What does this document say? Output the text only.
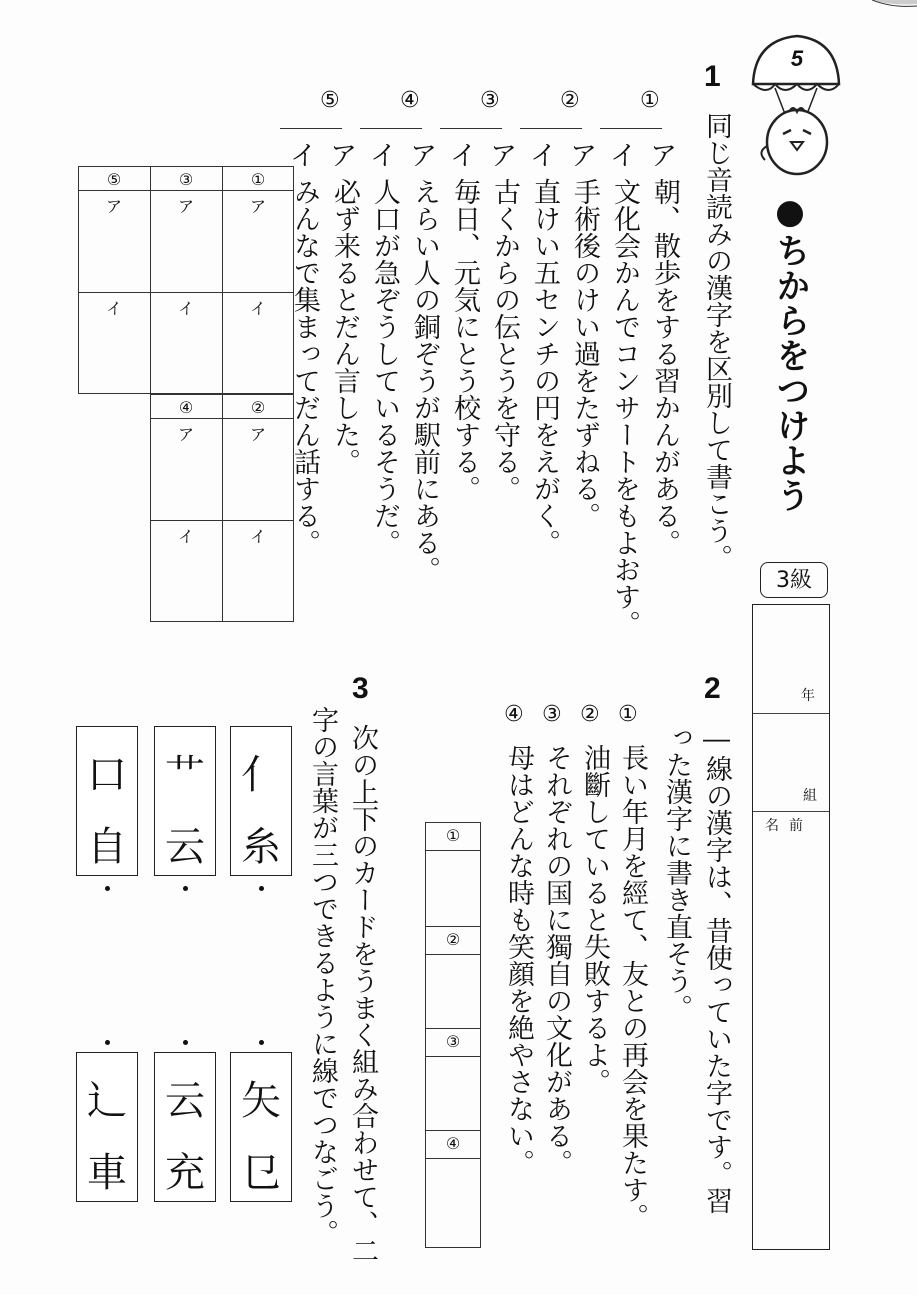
5
●ちからをつけよう
3級
年
組
名前
1
同じ音読みの漢字を区別して書こう。
①
ア
朝、散歩をする習かんがある。
イ
文化会かんでコンサートをもよおす。
②
ア
手術後のけい過をたずねる。
イ
直けい五センチの円をえがく。
③
ア
古くからの伝とうを守る。
イ
毎日、元気にとう校する。
④
ア
えらい人の銅ぞうが駅前にある。
イ
人口が急ぞうしているそうだ。
⑤
ア
必ず来るとだん言した。
イ
みんなで集まってだん話する。
⑤	③	①
④	②
ア	ア	ア
イ	イ	イ
ア	ア
イ	イ
2
―線の漢字は、昔使っていた字です。習
った漢字に書き直そう。
①
長い年月を經て、友との再会を果たす。
②
油斷していると失敗するよ。
③
それぞれの国に獨自の文化がある。
④
母はどんな時も笑顔を絶やさない。
①
②
③
④
3
次の上下のカードをうまく組み合わせて、二
字の言葉が三つできるように線でつなごう。
亻
糸
艹
云
口
自
矢
㔾
云
充
辶
車
